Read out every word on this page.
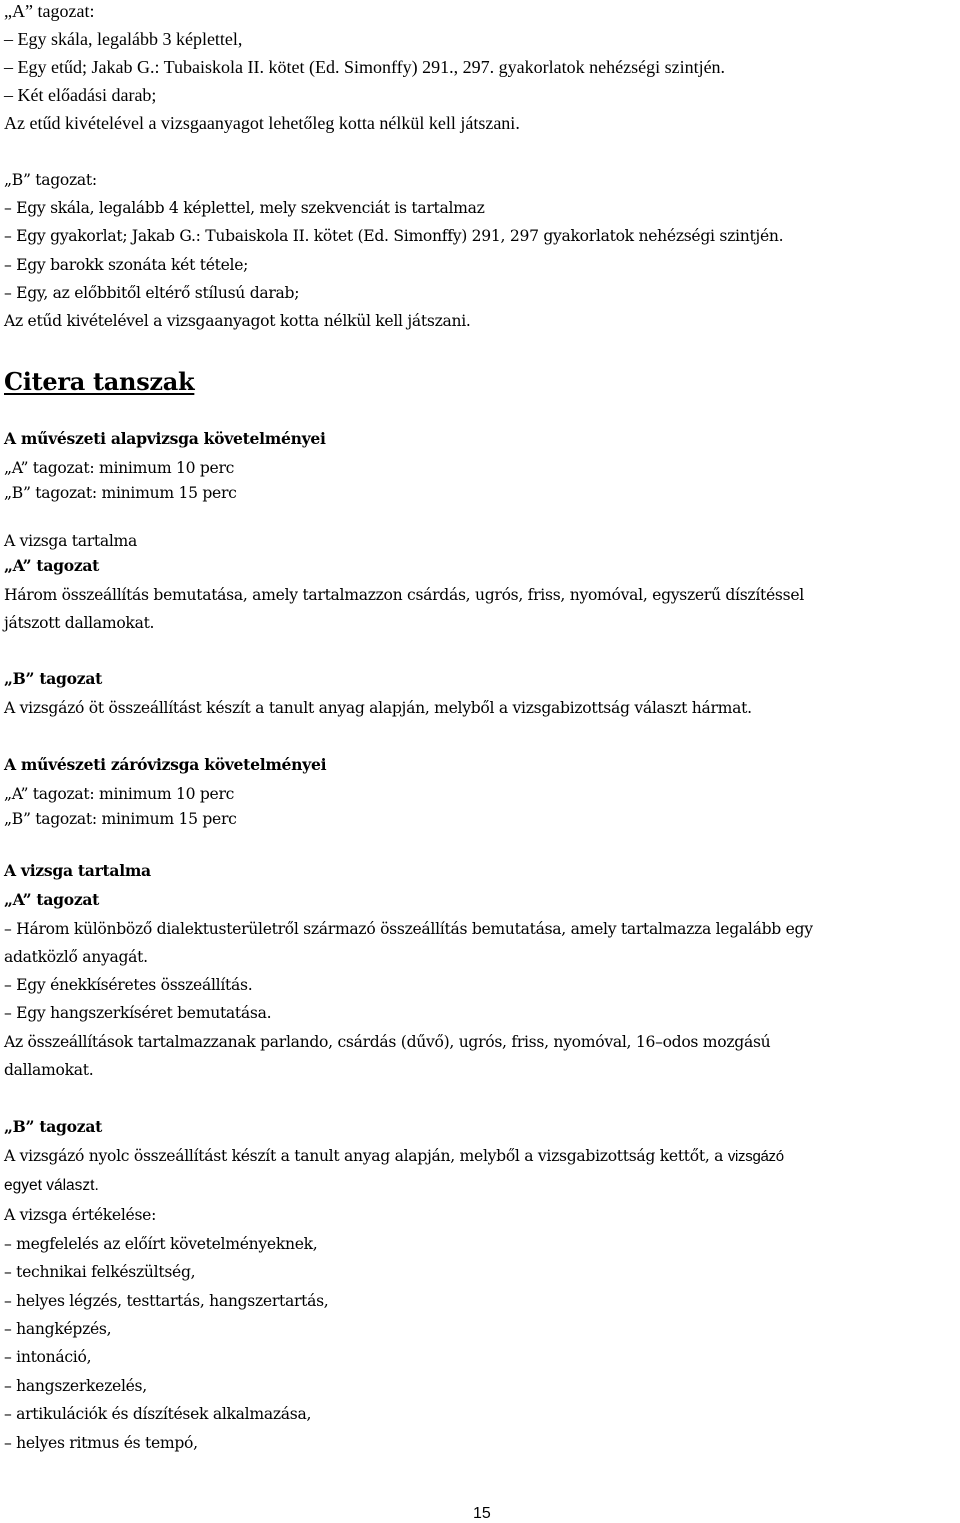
„A” tagozat:
– Egy skála, legalább 3 képlettel,
– Egy etűd; Jakab G.: Tubaiskola II. kötet (Ed. Simonffy) 291., 297. gyakorlatok nehézségi szintjén.
– Két előadási darab;
Az etűd kivételével a vizsgaanyagot lehetőleg kotta nélkül kell játszani.
„B” tagozat:
– Egy skála, legalább 4 képlettel, mely szekvenciát is tartalmaz
– Egy gyakorlat; Jakab G.: Tubaiskola II. kötet (Ed. Simonffy) 291, 297 gyakorlatok nehézségi szintjén.
– Egy barokk szonáta két tétele;
– Egy, az előbbitől eltérő stílusú darab;
Az etűd kivételével a vizsgaanyagot kotta nélkül kell játszani.
Citera tanszak
A művészeti alapvizsga követelményei
„A” tagozat: minimum 10 perc
„B” tagozat: minimum 15 perc
A vizsga tartalma
„A” tagozat
Három összeállítás bemutatása, amely tartalmazzon csárdás, ugrós, friss, nyomóval, egyszerű díszítéssel
játszott dallamokat.
„B” tagozat
A vizsgázó öt összeállítást készít a tanult anyag alapján, melyből a vizsgabizottság választ hármat.
A művészeti záróvizsga követelményei
„A” tagozat: minimum 10 perc
„B” tagozat: minimum 15 perc
A vizsga tartalma
„A” tagozat
– Három különböző dialektusterületről származó összeállítás bemutatása, amely tartalmazza legalább egy
adatközlő anyagát.
– Egy énekkíséretes összeállítás.
– Egy hangszerkíséret bemutatása.
Az összeállítások tartalmazzanak parlando, csárdás (dűvő), ugrós, friss, nyomóval, 16–odos mozgású
dallamokat.
„B” tagozat
A vizsgázó nyolc összeállítást készít a tanult anyag alapján, melyből a vizsgabizottság kettőt, a vizsgázó
egyet választ.
A vizsga értékelése:
– megfelelés az előírt követelményeknek,
– technikai felkészültség,
– helyes légzés, testtartás, hangszertartás,
– hangképzés,
– intonáció,
– hangszerkezelés,
– artikulációk és díszítések alkalmazása,
– helyes ritmus és tempó,
15
